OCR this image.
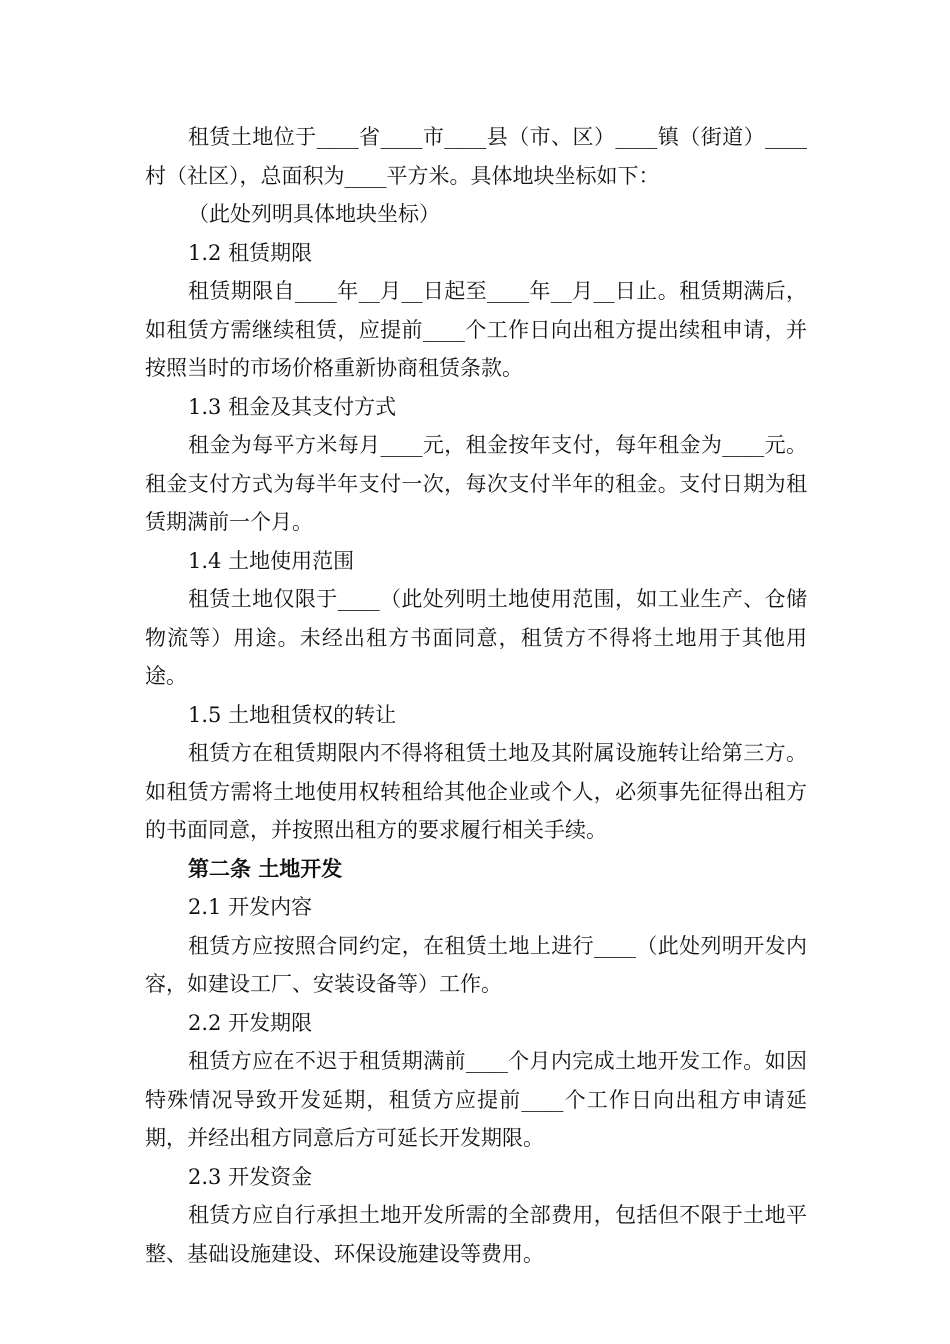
租赁土地位于____省____市____县（市、区）____镇（街道）____村（社区），总面积为____平方米。具体地块坐标如下：

（此处列明具体地块坐标）

1.2 租赁期限

租赁期限自____年__月__日起至____年__月__日止。租赁期满后，如租赁方需继续租赁，应提前____个工作日向出租方提出续租申请，并按照当时的市场价格重新协商租赁条款。

1.3 租金及其支付方式

租金为每平方米每月____元，租金按年支付，每年租金为____元。租金支付方式为每半年支付一次，每次支付半年的租金。支付日期为租赁期满前一个月。

1.4 土地使用范围

租赁土地仅限于____（此处列明土地使用范围，如工业生产、仓储物流等）用途。未经出租方书面同意，租赁方不得将土地用于其他用途。

1.5 土地租赁权的转让

租赁方在租赁期限内不得将租赁土地及其附属设施转让给第三方。如租赁方需将土地使用权转租给其他企业或个人，必须事先征得出租方的书面同意，并按照出租方的要求履行相关手续。

第二条 土地开发

2.1 开发内容

租赁方应按照合同约定，在租赁土地上进行____（此处列明开发内容，如建设工厂、安装设备等）工作。

2.2 开发期限

租赁方应在不迟于租赁期满前____个月内完成土地开发工作。如因特殊情况导致开发延期，租赁方应提前____个工作日向出租方申请延期，并经出租方同意后方可延长开发期限。

2.3 开发资金

租赁方应自行承担土地开发所需的全部费用，包括但不限于土地平整、基础设施建设、环保设施建设等费用。
